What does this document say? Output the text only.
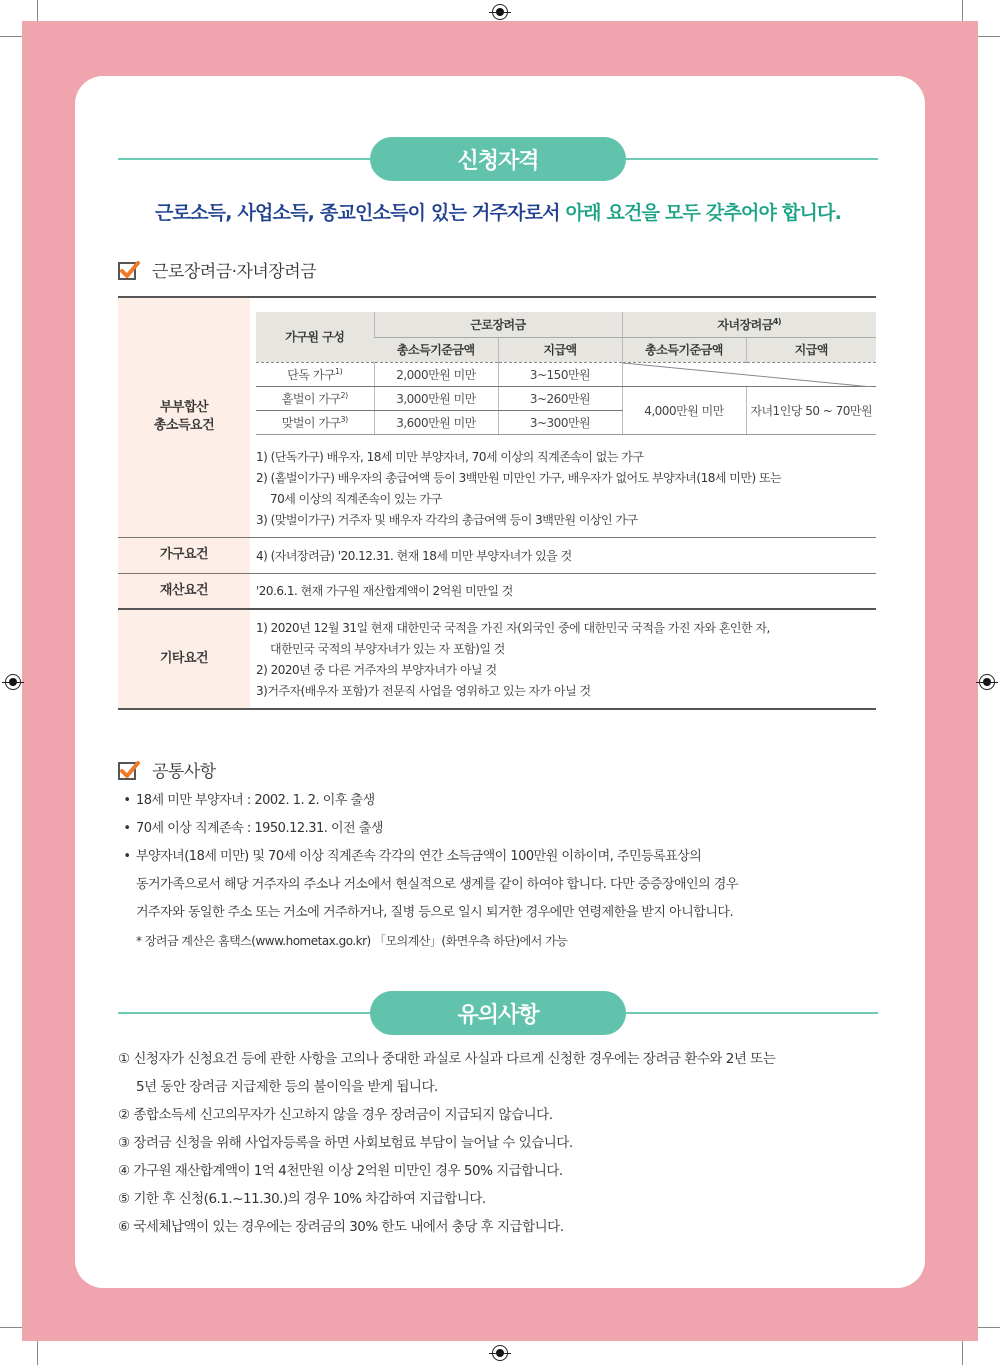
신청자격
근로소득, 사업소득, 종교인소득이 있는 거주자로서 아래 요건을 모두 갖추어야 합니다.
근로장려금·자녀장려금
부부합산
총소득요건
가구원 구성	근로장려금		자녀장려금$^{4)}$
	총소득기준금액	지급액	총소득기준금액	지급액
단독 가구$^{1)}$	2,000만원 미만	3~150만원	

홑벌이 가구$^{2)}$	3,000만원 미만	3~260만원	4,000만원 미만	자녀1인당 50 ~ 70만원
맞벌이 가구$^{3)}$	3,600만원 미만	3~300만원		
1) (단독가구) 배우자, 18세 미만 부양자녀, 70세 이상의 직계존속이 없는 가구
2) (홑벌이가구) 배우자의 총급여액 등이 3백만원 미만인 가구, 배우자가 없어도 부양자녀(18세 미만) 또는
70세 이상의 직계존속이 있는 가구
3) (맞벌이가구) 거주자 및 배우자 각각의 총급여액 등이 3백만원 이상인 가구
가구요건	4) (자녀장려금) '20.12.31. 현재 18세 미만 부양자녀가 있을 것
재산요건	'20.6.1. 현재 가구원 재산합계액이 2억원 미만일 것
기타요건
1) 2020년 12월 31일 현재 대한민국 국적을 가진 자(외국인 중에 대한민국 국적을 가진 자와 혼인한 자,
대한민국 국적의 부양자녀가 있는 자 포함)일 것
2) 2020년 중 다른 거주자의 부양자녀가 아닐 것
3)거주자(배우자 포함)가 전문직 사업을 영위하고 있는 자가 아닐 것
공통사항
• 18세 미만 부양자녀 : 2002. 1. 2. 이후 출생
• 70세 이상 직계존속 : 1950.12.31. 이전 출생
• 부양자녀(18세 미만) 및 70세 이상 직계존속 각각의 연간 소득금액이 100만원 이하이며, 주민등록표상의
동거가족으로서 해당 거주자의 주소나 거소에서 현실적으로 생계를 같이 하여야 합니다. 다만 중증장애인의 경우
거주자와 동일한 주소 또는 거소에 거주하거나, 질병 등으로 일시 퇴거한 경우에만 연령제한을 받지 아니합니다.
* 장려금 계산은 홈택스(www.hometax.go.kr) 「모의계산」(화면우측 하단)에서 가능
유의사항
① 신청자가 신청요건 등에 관한 사항을 고의나 중대한 과실로 사실과 다르게 신청한 경우에는 장려금 환수와 2년 또는
5년 동안 장려금 지급제한 등의 불이익을 받게 됩니다.
② 종합소득세 신고의무자가 신고하지 않을 경우 장려금이 지급되지 않습니다.
③ 장려금 신청을 위해 사업자등록을 하면 사회보험료 부담이 늘어날 수 있습니다.
④ 가구원 재산합계액이 1억 4천만원 이상 2억원 미만인 경우 50% 지급합니다.
⑤ 기한 후 신청(6.1.~11.30.)의 경우 10% 차감하여 지급합니다.
⑥ 국세체납액이 있는 경우에는 장려금의 30% 한도 내에서 충당 후 지급합니다.
